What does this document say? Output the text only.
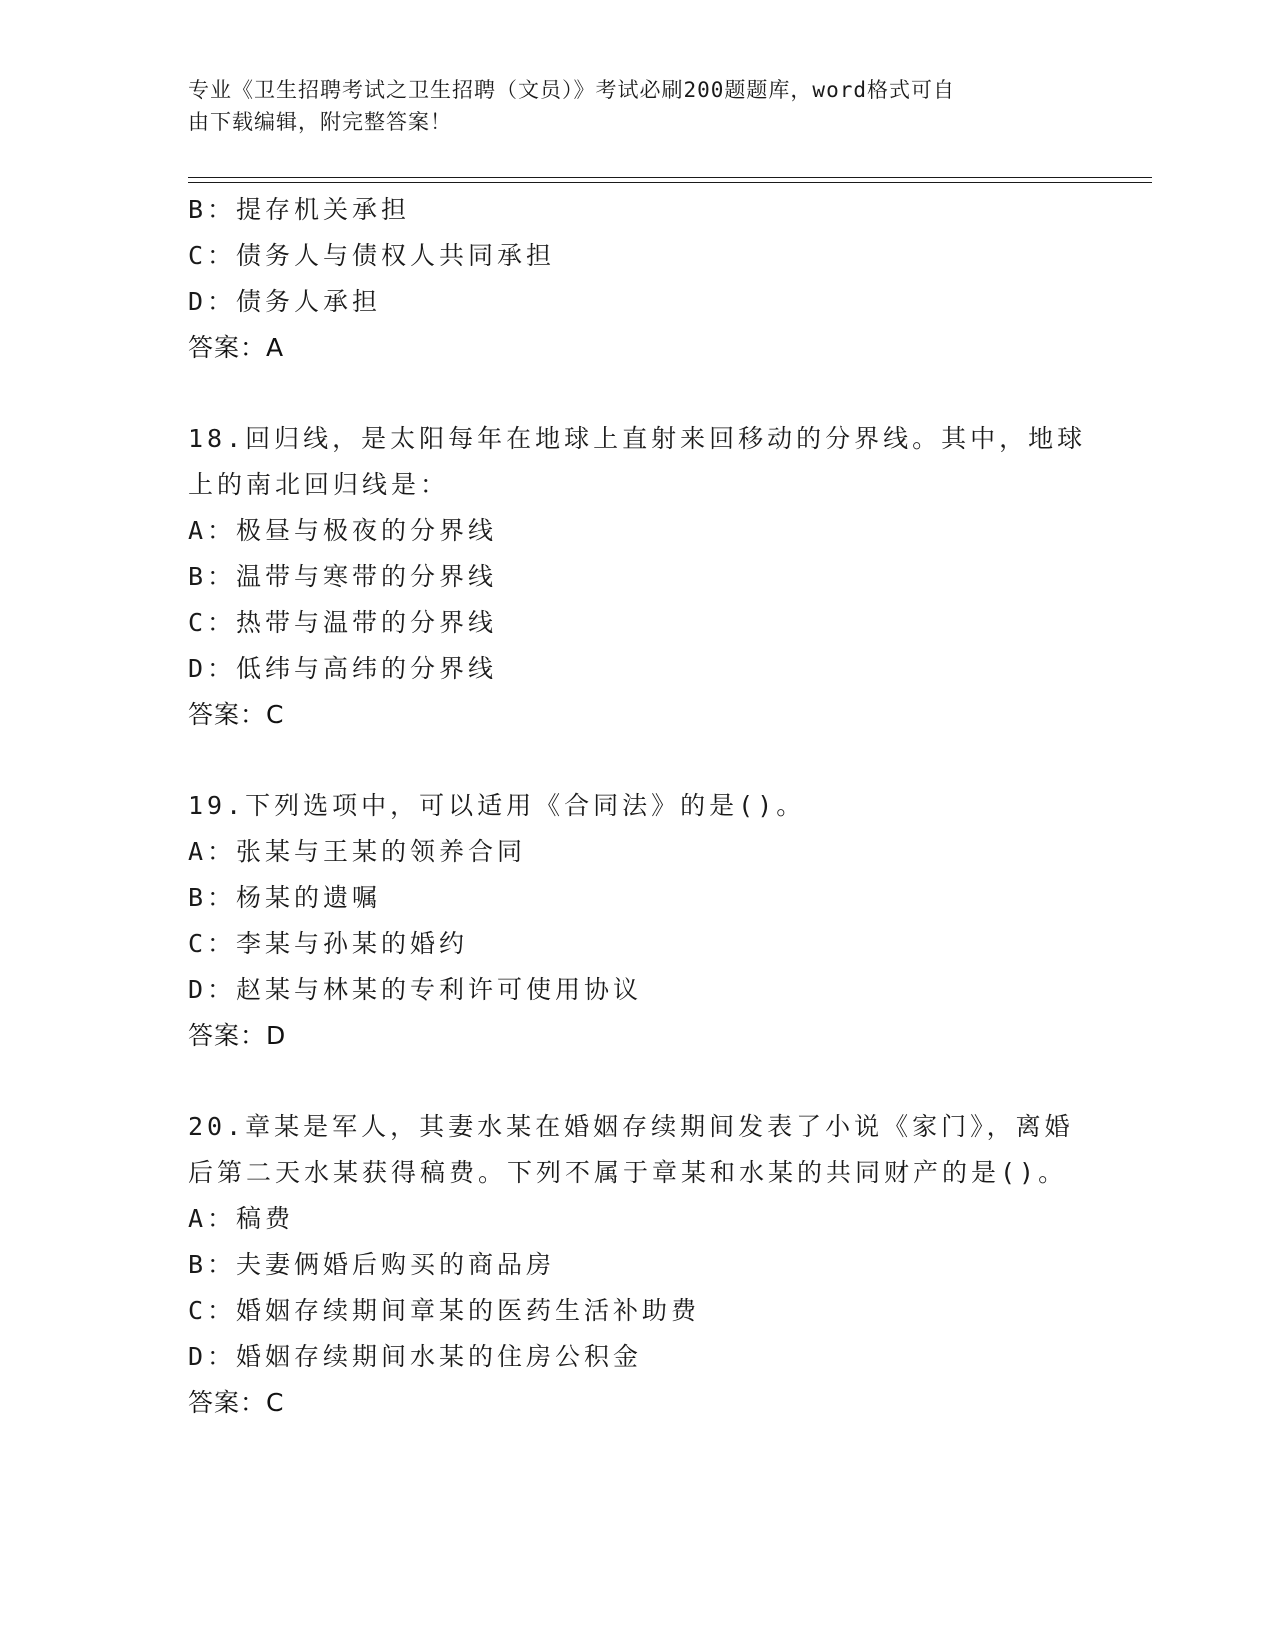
专业《卫生招聘考试之卫生招聘（文员）》考试必刷200题题库，word格式可自
由下载编辑，附完整答案！
B：提存机关承担
C：债务人与债权人共同承担
D：债务人承担
答案：A
18.回归线，是太阳每年在地球上直射来回移动的分界线。其中，地球
上的南北回归线是：
A：极昼与极夜的分界线
B：温带与寒带的分界线
C：热带与温带的分界线
D：低纬与高纬的分界线
答案：C
19.下列选项中，可以适用《合同法》的是()。
A：张某与王某的领养合同
B：杨某的遗嘱
C：李某与孙某的婚约
D：赵某与林某的专利许可使用协议
答案：D
20.章某是军人，其妻水某在婚姻存续期间发表了小说《家门》，离婚
后第二天水某获得稿费。下列不属于章某和水某的共同财产的是()。
A：稿费
B：夫妻俩婚后购买的商品房
C：婚姻存续期间章某的医药生活补助费
D：婚姻存续期间水某的住房公积金
答案：C
